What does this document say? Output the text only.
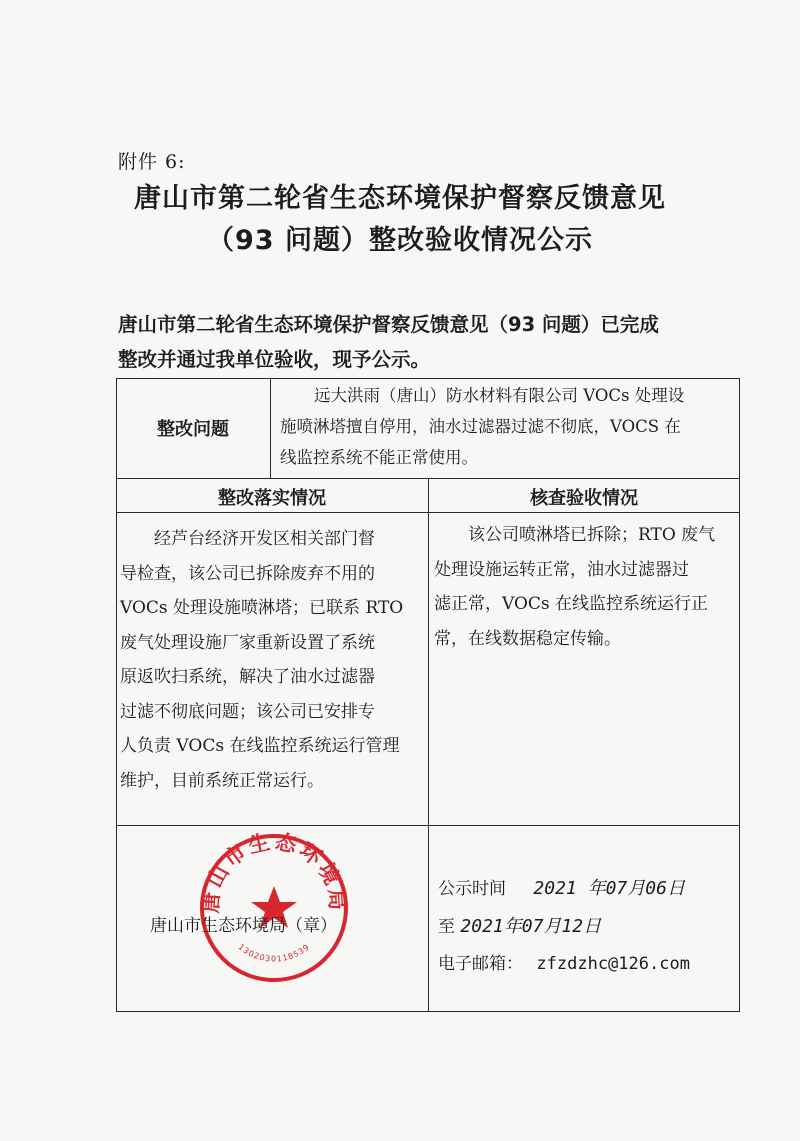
附件 6:
唐山市第二轮省生态环境保护督察反馈意见
（93 问题）整改验收情况公示
唐山市第二轮省生态环境保护督察反馈意见（93 问题）已完成
整改并通过我单位验收，现予公示。
整改问题
远大洪雨（唐山）防水材料有限公司 VOCs 处理设
施喷淋塔擅自停用，油水过滤器过滤不彻底，VOCS 在
线监控系统不能正常使用。
整改落实情况	核查验收情况
经芦台经济开发区相关部门督
导检查，该公司已拆除废弃不用的
VOCs 处理设施喷淋塔；已联系 RTO
废气处理设施厂家重新设置了系统
原返吹扫系统，解决了油水过滤器
过滤不彻底问题；该公司已安排专
人负责 VOCs 在线监控系统运行管理
维护，目前系统正常运行。
该公司喷淋塔已拆除；RTO 废气
处理设施运转正常，油水过滤器过
滤正常，VOCs 在线监控系统运行正
常，在线数据稳定传输。
唐山市生态环境局
1302030118539
唐山市生态环境局（章）
公示时间 2021 年07月06日
至 2021年07月12日
电子邮箱： zfzdzhc@126.com
